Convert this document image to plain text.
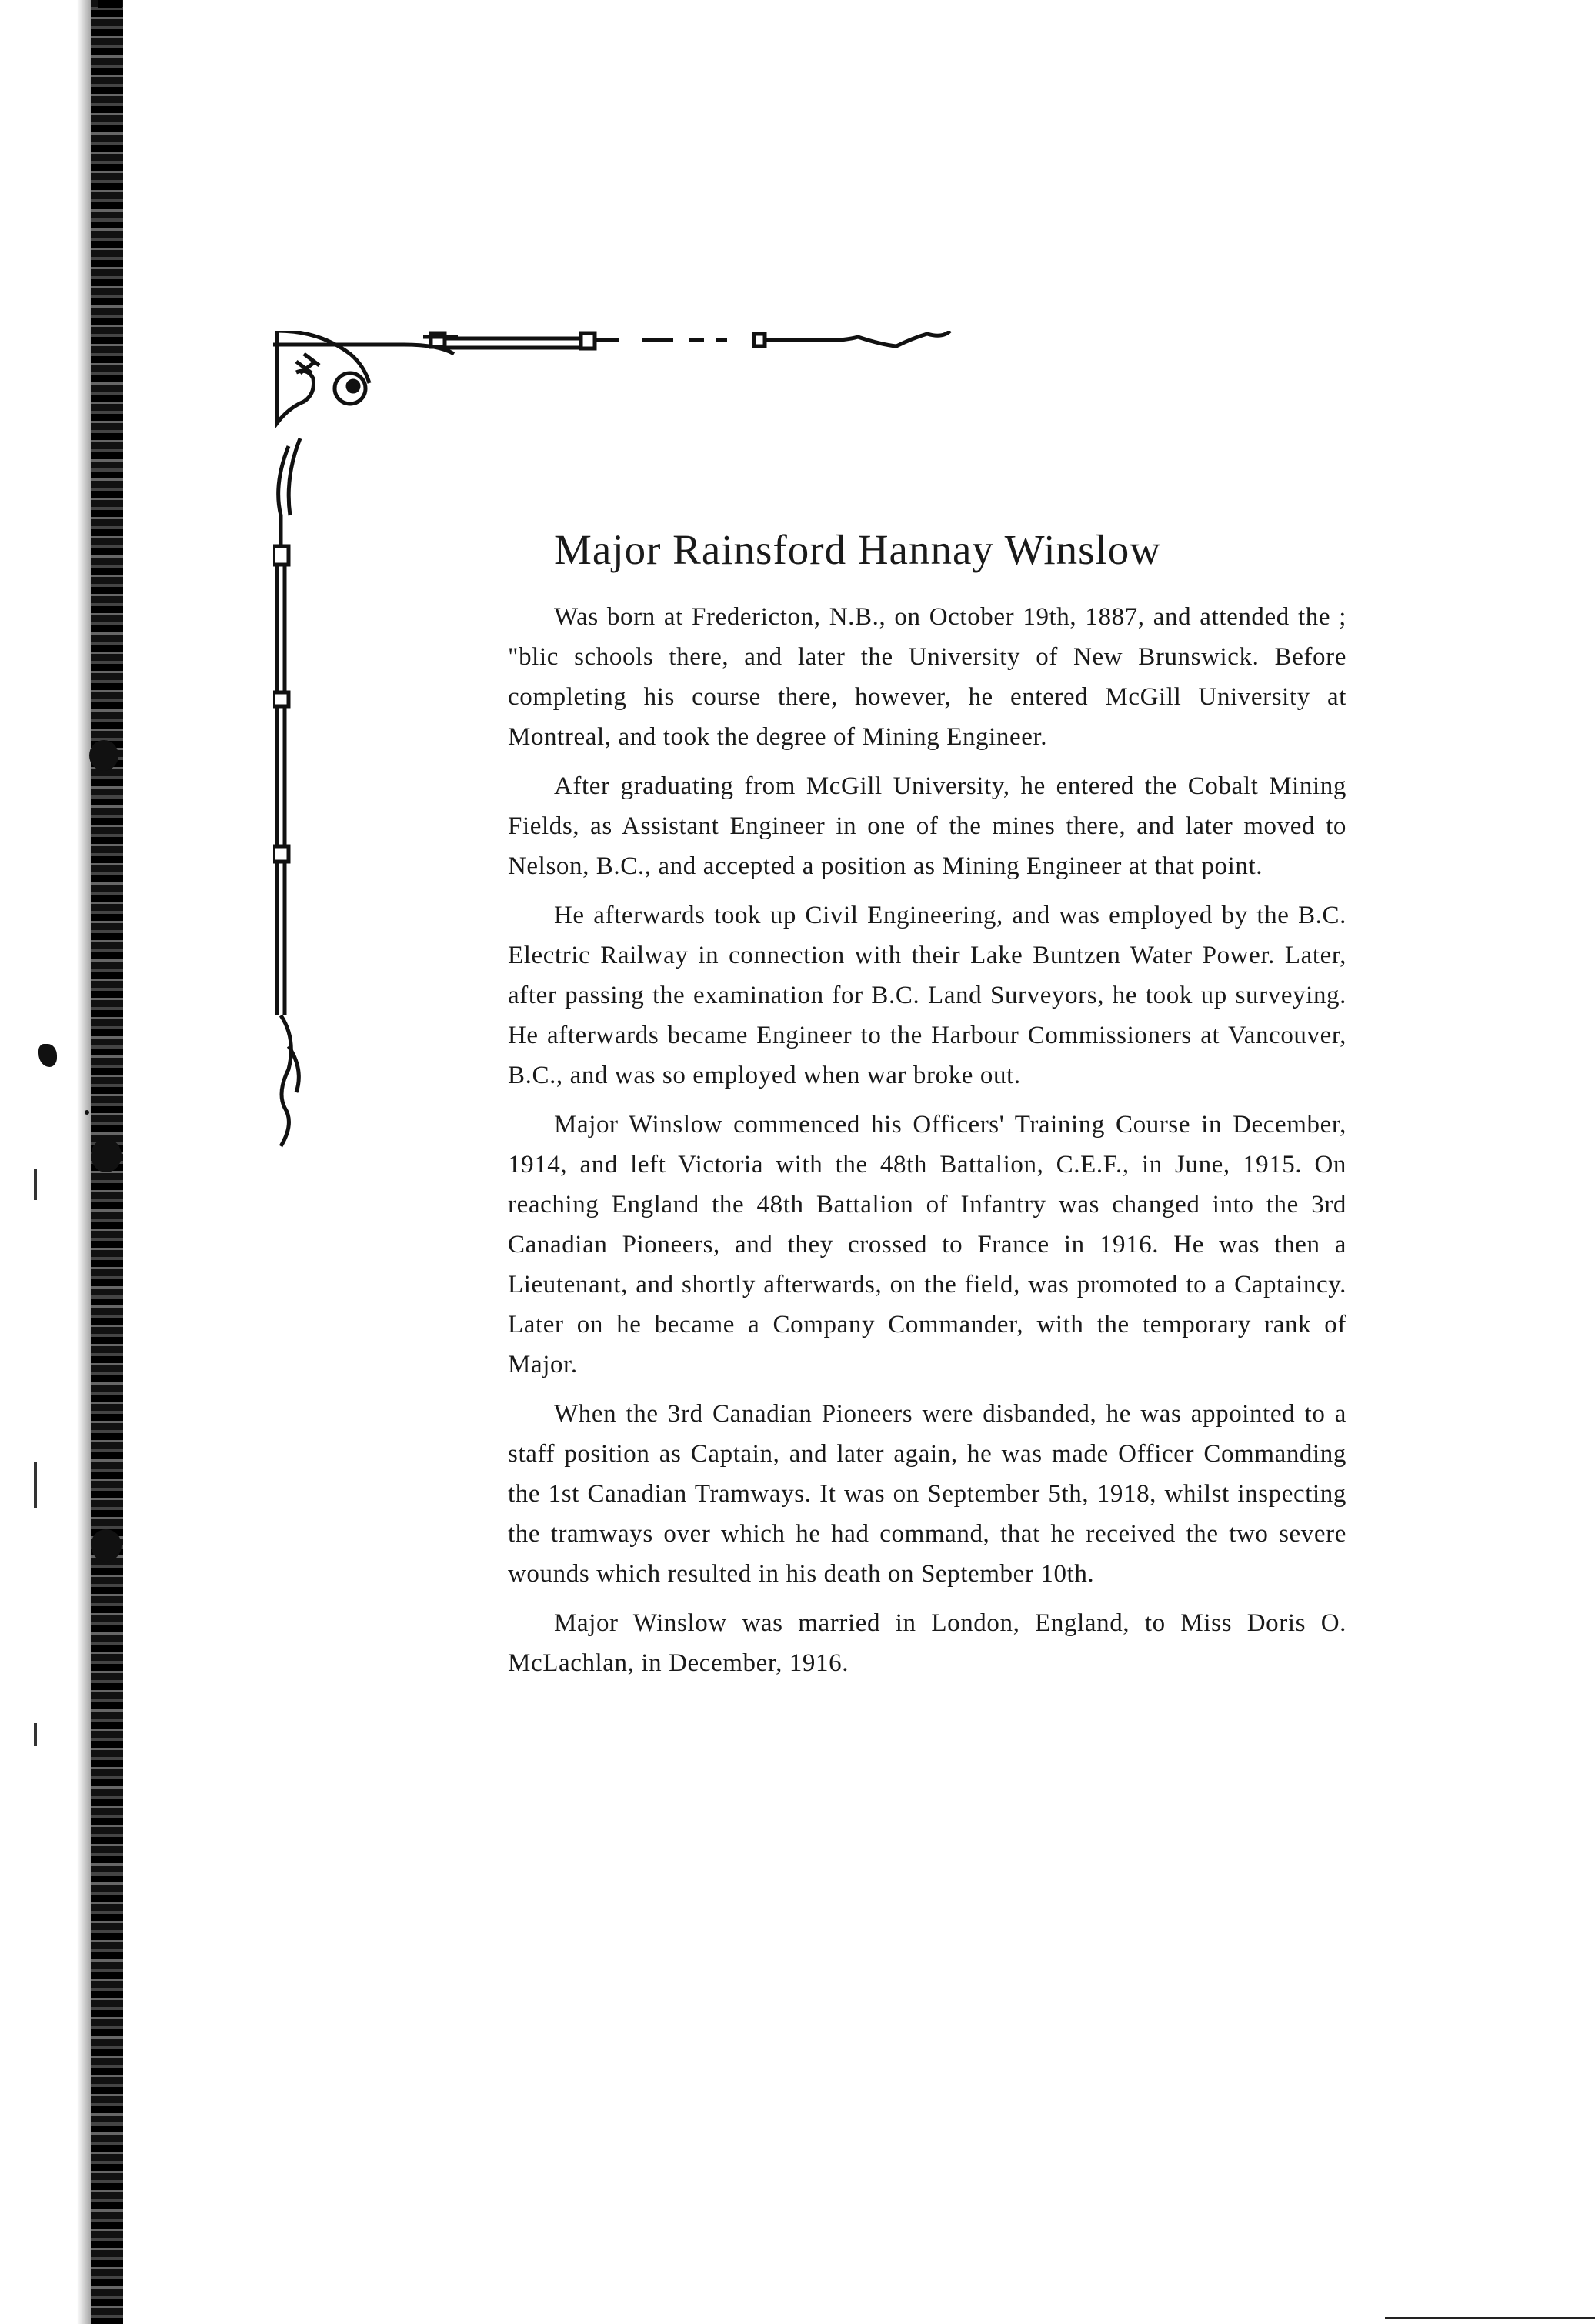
Major Rainsford Hannay Winslow

Was born at Fredericton, N.B., on October 19th, 1887, and attended the ; "blic schools there, and later the University of New Brunswick. Before completing his course there, however, he entered McGill University at Montreal, and took the degree of Mining Engineer.

After graduating from McGill University, he entered the Cobalt Mining Fields, as Assistant Engineer in one of the mines there, and later moved to Nelson, B.C., and accepted a position as Mining Engineer at that point.

He afterwards took up Civil Engineering, and was employed by the B.C. Electric Railway in connection with their Lake Buntzen Water Power. Later, after passing the examination for B.C. Land Surveyors, he took up surveying. He afterwards became Engineer to the Harbour Commissioners at Vancouver, B.C., and was so employed when war broke out.

Major Winslow commenced his Officers' Training Course in December, 1914, and left Victoria with the 48th Battalion, C.E.F., in June, 1915. On reaching England the 48th Battalion of Infantry was changed into the 3rd Canadian Pioneers, and they crossed to France in 1916. He was then a Lieutenant, and shortly afterwards, on the field, was promoted to a Captaincy. Later on he became a Company Commander, with the temporary rank of Major.

When the 3rd Canadian Pioneers were disbanded, he was appointed to a staff position as Captain, and later again, he was made Officer Commanding the 1st Canadian Tramways. It was on September 5th, 1918, whilst inspecting the tramways over which he had command, that he received the two severe wounds which resulted in his death on September 10th.

Major Winslow was married in London, England, to Miss Doris O. McLachlan, in December, 1916.
